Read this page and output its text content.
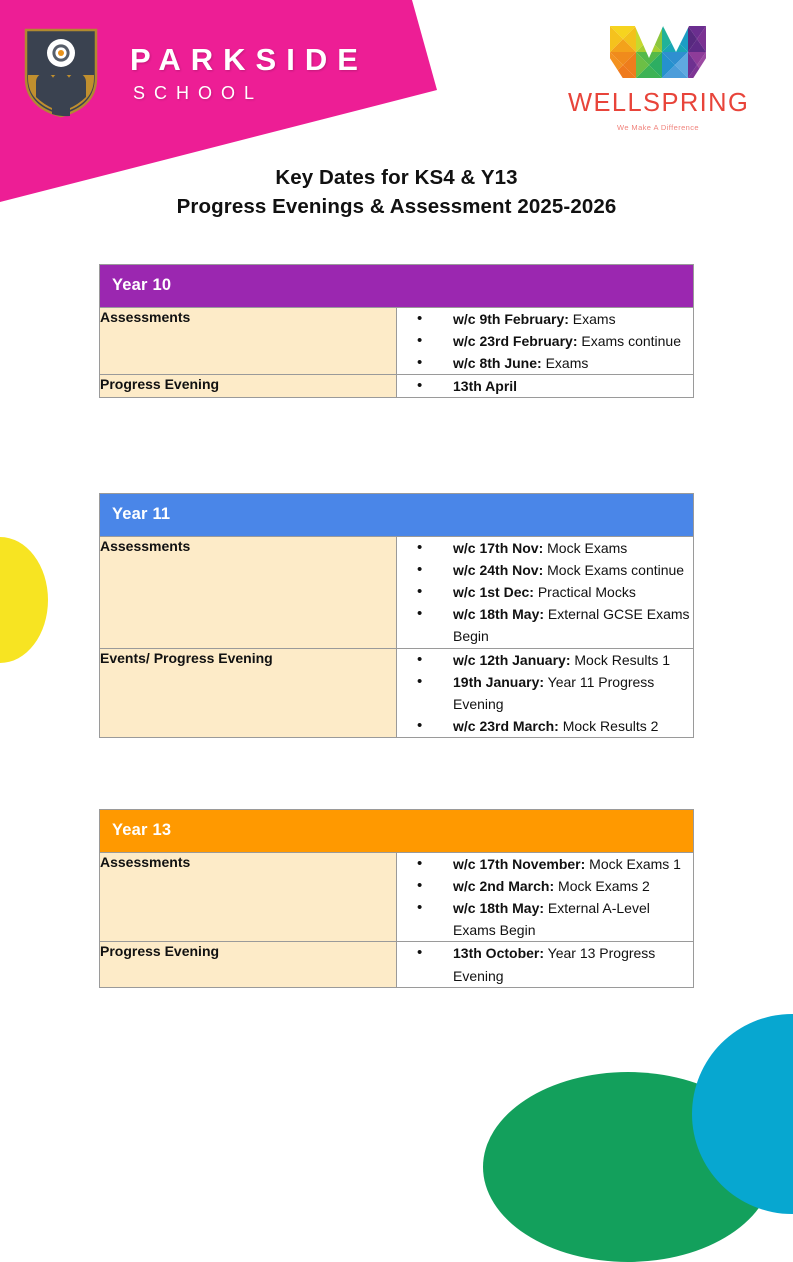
PARKSIDE
SCHOOL	WELLSPRING
We Make A Difference
Key Dates for KS4 & Y13
Progress Evenings & Assessment 2025-2026
Year 10	
Assessments	
•w/c 9th February: Exams
• w/c 23rd February: Exams continue
• w/c 8th June: Exams

Progress Evening	
•13th April
Year 11	
Assessments	
•w/c 17th Nov: Mock Exams
• w/c 24th Nov: Mock Exams continue
• w/c 1st Dec: Practical Mocks
• w/c 18th May: External GCSE Exams Begin

Events/ Progress Evening	
•w/c 12th January: Mock Results 1
• 19th January: Year 11 Progress Evening
• w/c 23rd March: Mock Results 2
Year 13	
Assessments	
•w/c 17th November: Mock Exams 1
• w/c 2nd March: Mock Exams 2
• w/c 18th May: External A-Level Exams Begin

Progress Evening	
•13th October: Year 13 Progress Evening
